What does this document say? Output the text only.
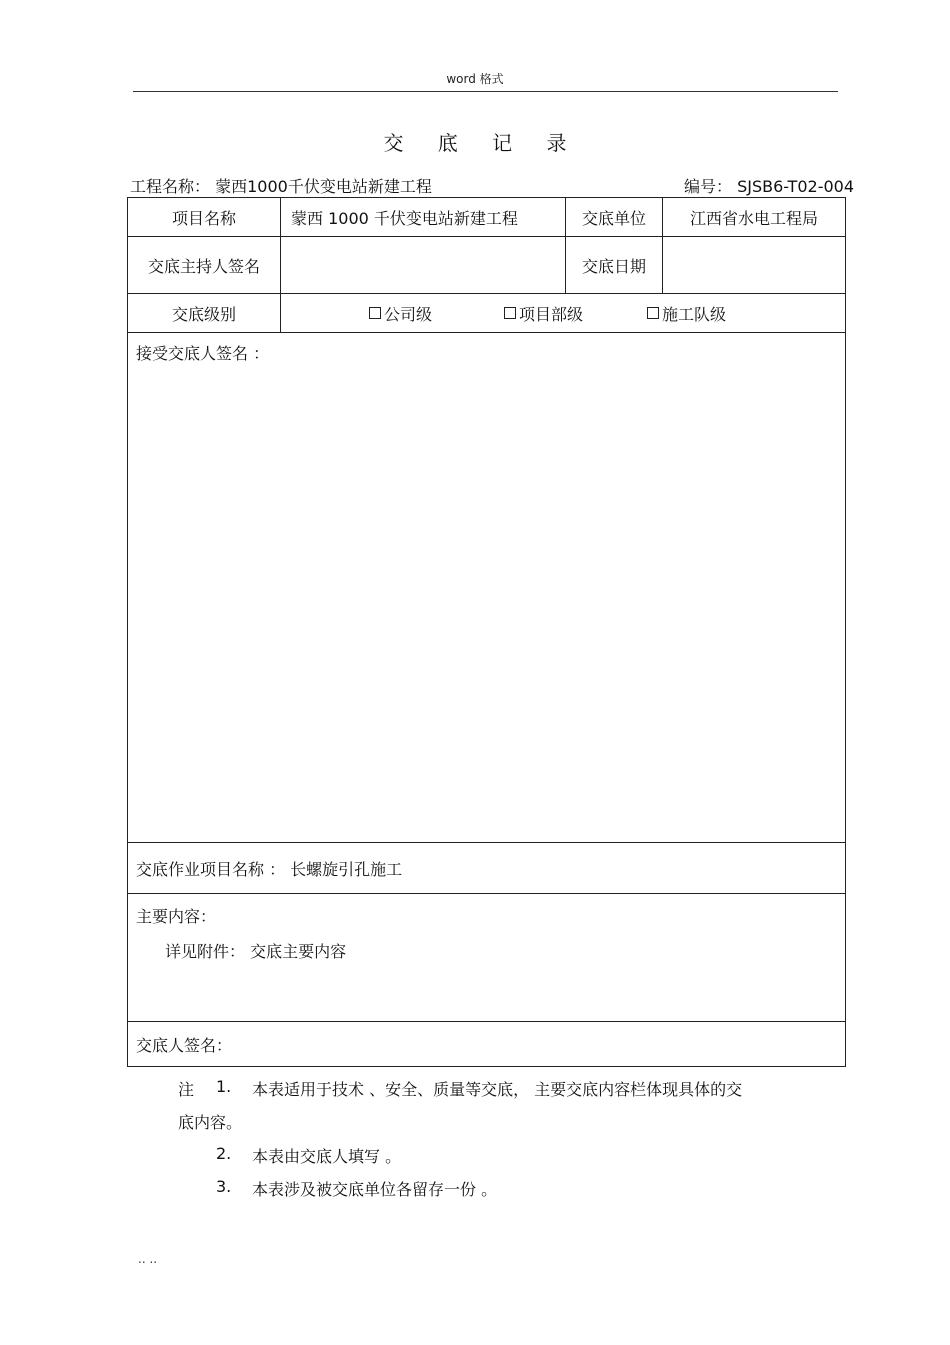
word 格式
交 底 记 录
工程名称： 蒙西1000千伏变电站新建工程	编号： SJSB6-T02-004
项目名称	蒙西 1000 千伏变电站新建工程	交底单位	江西省水电工程局
交底主持人签名		交底日期	
交底级别	公司级 项目部级 施工队级		

接受交底人签名 ：			

交底作业项目名称 ： 长螺旋引孔施工			

主要内容：
详见附件： 交底主要内容			

交底人签名：			
注 1. 本表适用于技术 、安全、质量等交底， 主要交底内容栏体现具体的交
底内容。
2. 本表由交底人填写 。
3. 本表涉及被交底单位各留存一份 。
.. ..
